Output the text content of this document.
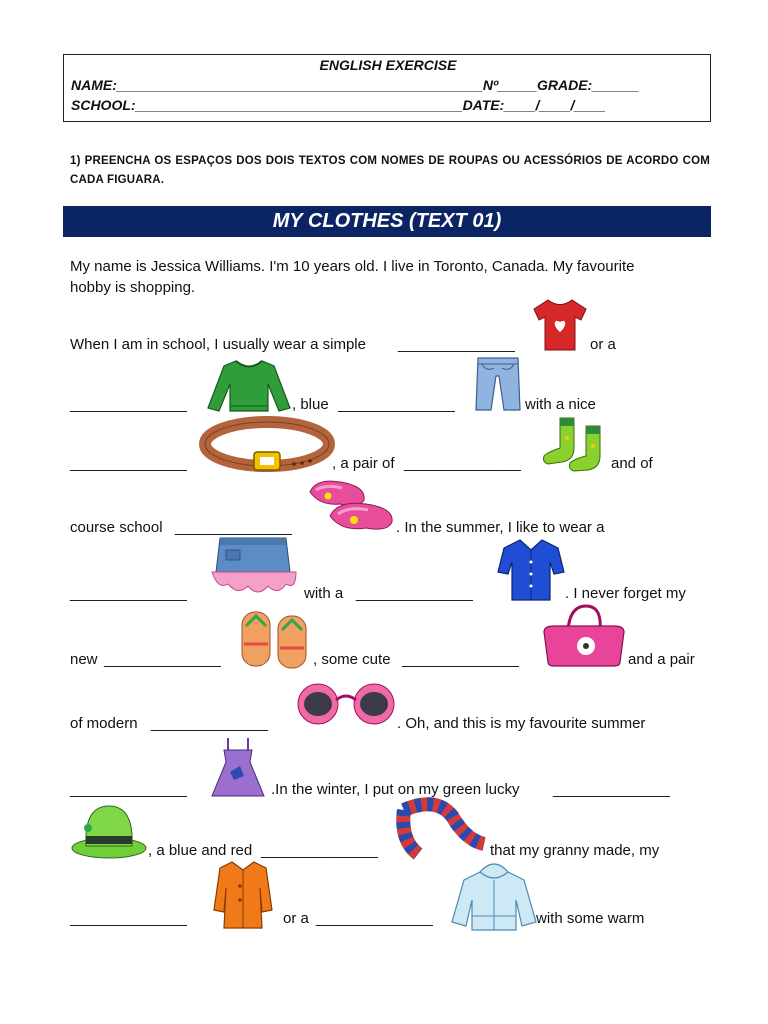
ENGLISH EXERCISE
NAME:_______________________________________________Nº_____GRADE:______
SCHOOL:__________________________________________DATE:____/____/____
1) PREENCHA OS ESPAÇOS DOS DOIS TEXTOS COM NOMES DE ROUPAS OU ACESSÓRIOS DE ACORDO COM CADA FIGUARA.
MY CLOTHES (TEXT 01)
My name is Jessica Williams. I'm 10 years old. I live in Toronto, Canada. My favourite
hobby is shopping.
When I am in school, I usually wear a simple ______________	or a
______________	, blue ______________	with a nice
______________	, a pair of ______________	and of
course school ______________	. In the summer, I like to wear a
______________	with a ______________	. I never forget my
new ______________	, some cute ______________	and a pair
of modern ______________	. Oh, and this is my favourite summer
______________	.In the winter, I put on my green lucky ______________
, a blue and red ______________	that my granny made, my
______________	or a ______________	with some warm
